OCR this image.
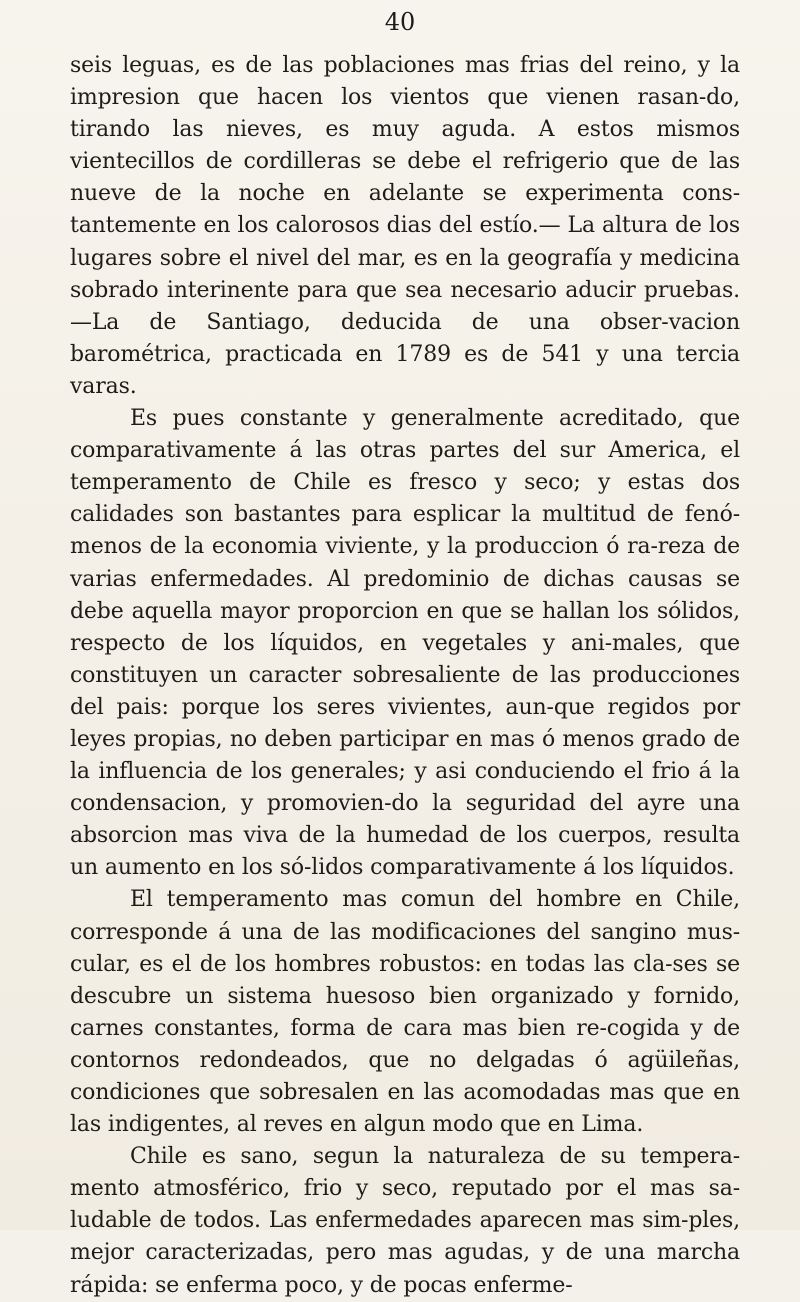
40

seis leguas, es de las poblaciones mas frias del reino, y la impresion que hacen los vientos que vienen rasan-do, tirando las nieves, es muy aguda. A estos mismos vientecillos de cordilleras se debe el refrigerio que de las nueve de la noche en adelante se experimenta cons-tantemente en los calorosos dias del estío.— La altura de los lugares sobre el nivel del mar, es en la geografía y medicina sobrado interinente para que sea necesario aducir pruebas.—La de Santiago, deducida de una obser-vacion barométrica, practicada en 1789 es de 541 y una tercia varas.

Es pues constante y generalmente acreditado, que comparativamente á las otras partes del sur America, el temperamento de Chile es fresco y seco; y estas dos calidades son bastantes para esplicar la multitud de fenó-menos de la economia viviente, y la produccion ó ra-reza de varias enfermedades. Al predominio de dichas causas se debe aquella mayor proporcion en que se hallan los sólidos, respecto de los líquidos, en vegetales y ani-males, que constituyen un caracter sobresaliente de las producciones del pais: porque los seres vivientes, aun-que regidos por leyes propias, no deben participar en mas ó menos grado de la influencia de los generales; y asi conduciendo el frio á la condensacion, y promovien-do la seguridad del ayre una absorcion mas viva de la humedad de los cuerpos, resulta un aumento en los só-lidos comparativamente á los líquidos.

El temperamento mas comun del hombre en Chile, corresponde á una de las modificaciones del sangino mus-cular, es el de los hombres robustos: en todas las cla-ses se descubre un sistema huesoso bien organizado y fornido, carnes constantes, forma de cara mas bien re-cogida y de contornos redondeados, que no delgadas ó agüileñas, condiciones que sobresalen en las acomodadas mas que en las indigentes, al reves en algun modo que en Lima.

Chile es sano, segun la naturaleza de su tempera-mento atmosférico, frio y seco, reputado por el mas sa-ludable de todos. Las enfermedades aparecen mas sim-ples, mejor caracterizadas, pero mas agudas, y de una marcha rápida: se enferma poco, y de pocas enferme-
